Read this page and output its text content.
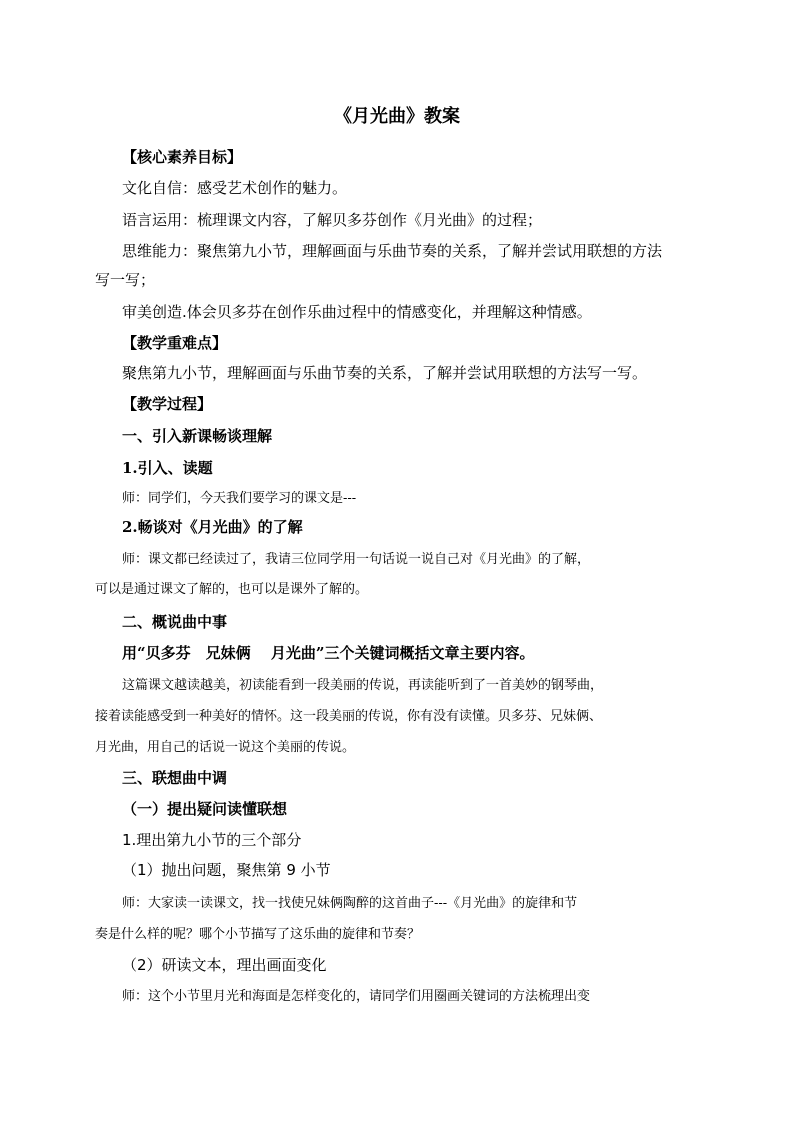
《月光曲》教案
【核心素养目标】
文化自信：感受艺术创作的魅力。
语言运用：梳理课文内容，了解贝多芬创作《月光曲》的过程；
思维能力：聚焦第九小节，理解画面与乐曲节奏的关系，了解并尝试用联想的方法
写一写；
审美创造.体会贝多芬在创作乐曲过程中的情感变化，并理解这种情感。
【教学重难点】
聚焦第九小节，理解画面与乐曲节奏的关系，了解并尝试用联想的方法写一写。
【教学过程】
一、引入新课畅谈理解
1.引入、读题
师：同学们，今天我们要学习的课文是---
2.畅谈对《月光曲》的了解
师：课文都已经读过了，我请三位同学用一句话说一说自己对《月光曲》的了解，
可以是通过课文了解的，也可以是课外了解的。
二、概说曲中事
用“贝多芬　兄妹俩　 月光曲”三个关键词概括文章主要内容。
这篇课文越读越美，初读能看到一段美丽的传说，再读能听到了一首美妙的钢琴曲，
接着读能感受到一种美好的情怀。这一段美丽的传说，你有没有读懂。贝多芬、兄妹俩、
月光曲，用自己的话说一说这个美丽的传说。
三、联想曲中调
（一）提出疑问读懂联想
1.理出第九小节的三个部分
（1）抛出问题，聚焦第 9 小节
师：大家读一读课文，找一找使兄妹俩陶醉的这首曲子---《月光曲》的旋律和节
奏是什么样的呢？哪个小节描写了这乐曲的旋律和节奏？
（2）研读文本，理出画面变化
师：这个小节里月光和海面是怎样变化的，请同学们用圈画关键词的方法梳理出变
